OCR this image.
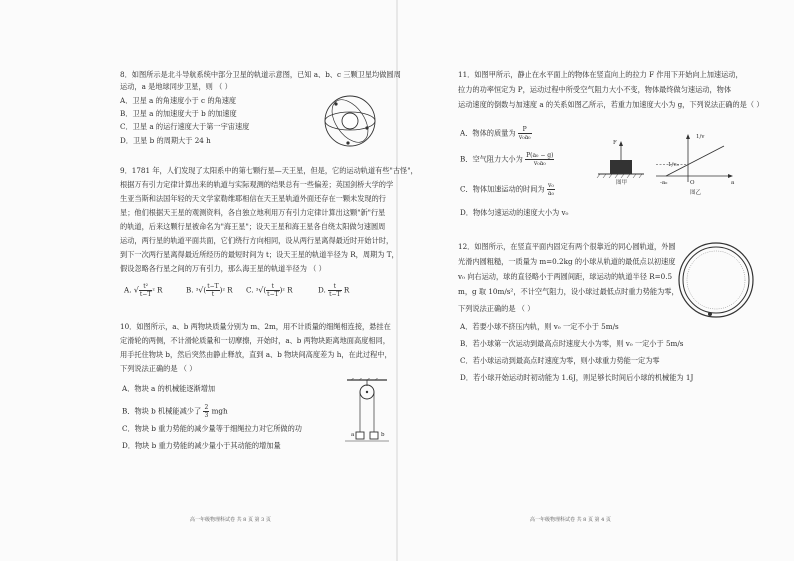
8．如图所示是北斗导航系统中部分卫星的轨道示意图，已知 a、b、c 三颗卫星均做圆周
运动，a 是地球同步卫星，则 （ ）
A．卫星 a 的角速度小于 c 的角速度
B．卫星 a 的加速度大于 b 的加速度
C．卫星 a 的运行速度大于第一宇宙速度
D．卫星 b 的周期大于 24 h
9．1781 年，人们发现了太阳系中的第七颗行星—天王星，但是，它的运动轨道有些"古怪"，
根据万有引力定律计算出来的轨道与实际观测的结果总有一些偏差；英国剑桥大学的学
生亚当斯和法国年轻的天文学家勒维耶相信在天王星轨道外面还存在一颗未发现的行
星；他们根据天王星的观测资料，各自独立地利用万有引力定律计算出这颗"新"行星
的轨道，后来这颗行星被命名为"海王星"；设天王星和海王星各自绕太阳做匀速圆周
运动，两行星的轨道平面共面，它们绕行方向相同，设从两行星离得最近时开始计时，
到下一次两行星离得最近所经历的最短时间为 t；设天王星的轨道半径为 R，周期为 T，
假设忽略各行星之间的万有引力，那么海王星的轨道半径为 （ ）
A. √ $\frac{\text{t²}}{t-T} ^2$ R	B. $^3√( \frac{t-T}{t} )^2$ R C. $^3√( \frac{t}{t-T} )^2$ R	D. $\frac{t}{t-T}$ R
10．如图所示，a、b 两物块质量分别为 m、2m，用不计质量的细绳相连接，悬挂在
定滑轮的两侧，不计滑轮质量和一切摩擦，开始时，a、b 两物块距离地面高度相同，
用手托住物块 b，然后突然由静止释放，直到 a、b 物块间高度差为 h，在此过程中，
下列说法正确的是 （ ）
A．物块 a 的机械能逐渐增加
B．物块 b 机械能减少了 $\frac{2}{3}$ mgh
C．物块 b 重力势能的减少量等于细绳拉力对它所做的功
D．物块 b 重力势能的减少量小于其动能的增加量
a	b
高一年级物理科试卷 共 8 页 第 3 页
11．如图甲所示，静止在水平面上的物体在竖直向上的拉力 F 作用下开始向上加速运动，
拉力的功率恒定为 P，运动过程中所受空气阻力大小不变，物体最终做匀速运动，物体
运动速度的倒数与加速度 a 的关系如图乙所示，若重力加速度大小为 g，下列说法正确的是（ ）
A．物体的质量为 $\frac{P}{\text{v₀a₀}}$
B．空气阻力大小为 $\frac{\text{P(a₀ − g)}}{\text{v₀a₀}}$
C．物体加速运动的时间为 $\frac{\text{v₀}}{\text{a₀}}$
D．物体匀速运动的速度大小为 v₀
F
图甲
1/v
1/v₀
-a₀	O	a
图乙
12．如图所示，在竖直平面内固定有两个很靠近的同心圆轨道，外圆
光滑内圆粗糙，一质量为 m=0.2kg 的小球从轨道的最低点以初速度
v₀ 向右运动，球的直径略小于两圆间距，球运动的轨道半径 R=0.5
m，g 取 10m/s²，不计空气阻力，设小球过最低点时重力势能为零，
下列说法正确的是 （ ）
A．若要小球不挤压内轨，则 v₀ 一定不小于 5m/s
B．若小球第一次运动到最高点时速度大小为零，则 v₀ 一定小于 5m/s
C．若小球运动到最高点时速度为零，则小球重力势能一定为零
D．若小球开始运动时初动能为 1.6J，则足够长时间后小球的机械能为 1J
高一年级物理科试卷 共 8 页 第 4 页
